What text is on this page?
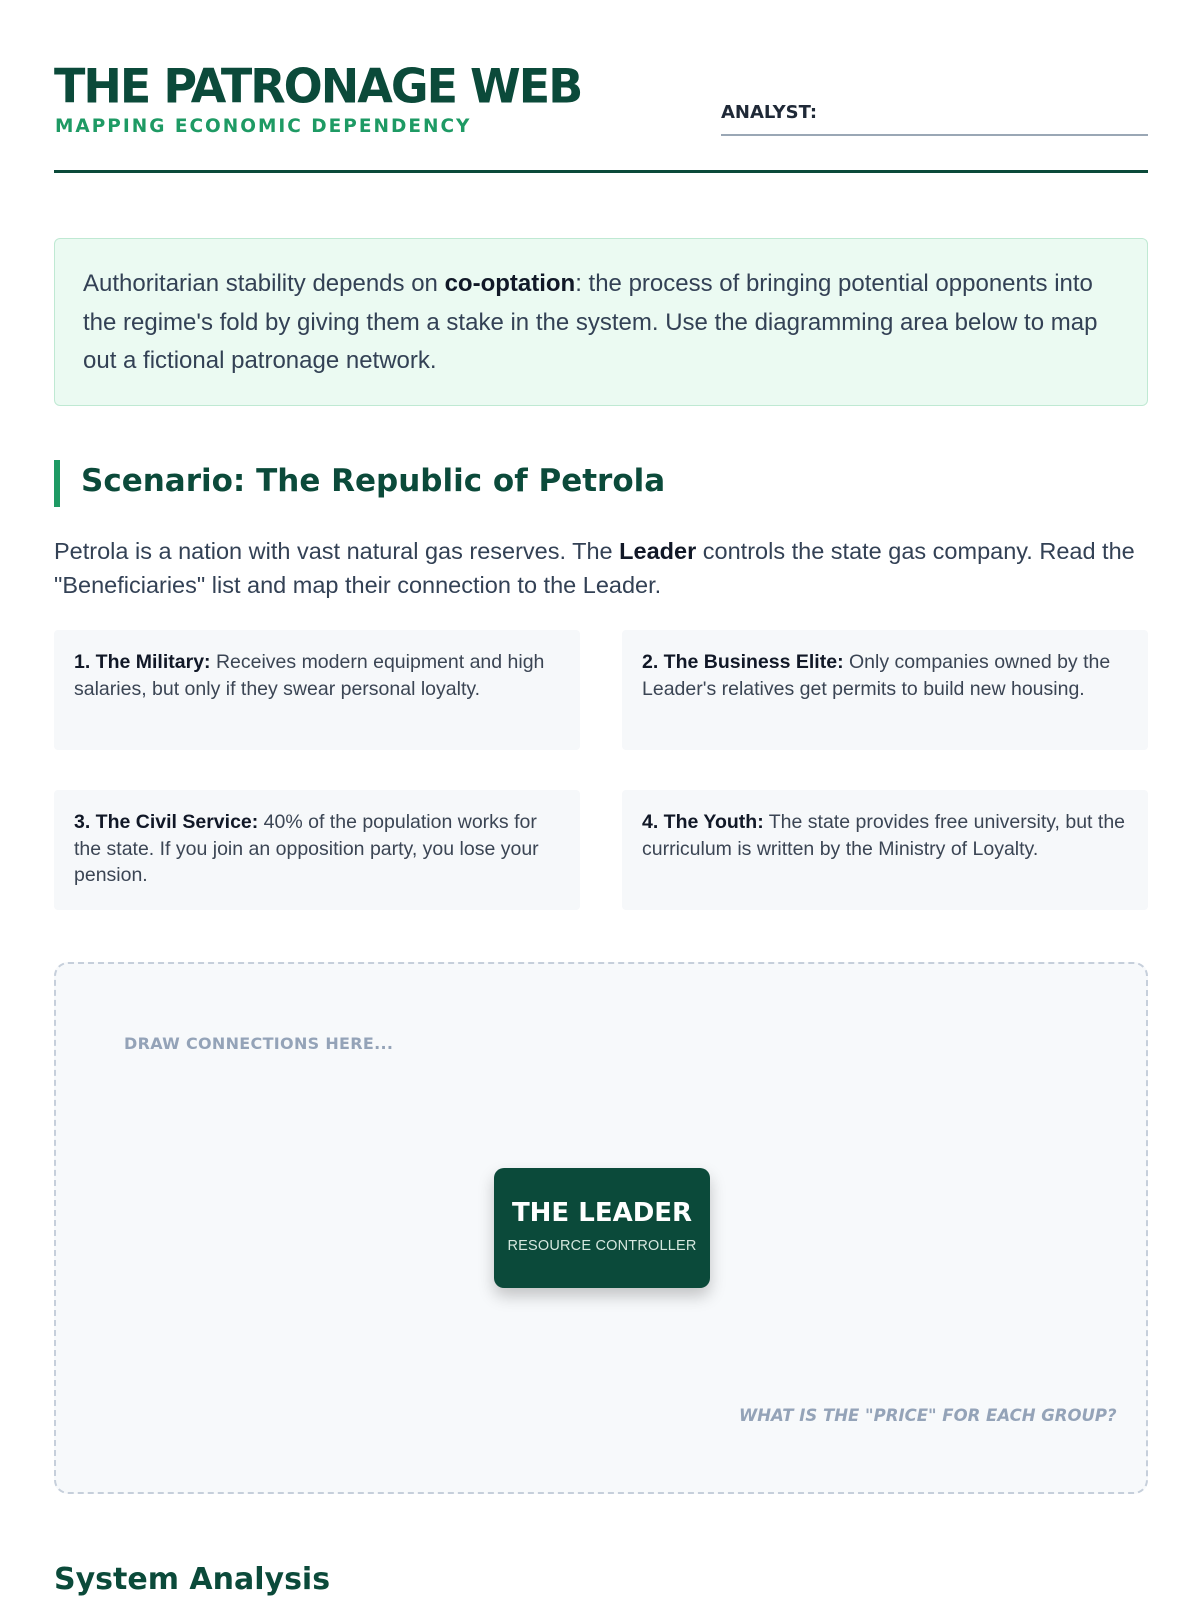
THE PATRONAGE WEB
MAPPING ECONOMIC DEPENDENCY
ANALYST:

Authoritarian stability depends on co-optation: the process of bringing potential opponents into the regime's fold by giving them a stake in the system. Use the diagramming area below to map out a fictional patronage network.

Scenario: The Republic of Petrola

Petrola is a nation with vast natural gas reserves. The Leader controls the state gas company. Read the "Beneficiaries" list and map their connection to the Leader.

1. The Military: Receives modern equipment and high salaries, but only if they swear personal loyalty.
2. The Business Elite: Only companies owned by the Leader's relatives get permits to build new housing.
3. The Civil Service: 40% of the population works for the state. If you join an opposition party, you lose your pension.
4. The Youth: The state provides free university, but the curriculum is written by the Ministry of Loyalty.
DRAW CONNECTIONS HERE...
THE LEADER
RESOURCE CONTROLLER
WHAT IS THE "PRICE" FOR EACH GROUP?
System Analysis
